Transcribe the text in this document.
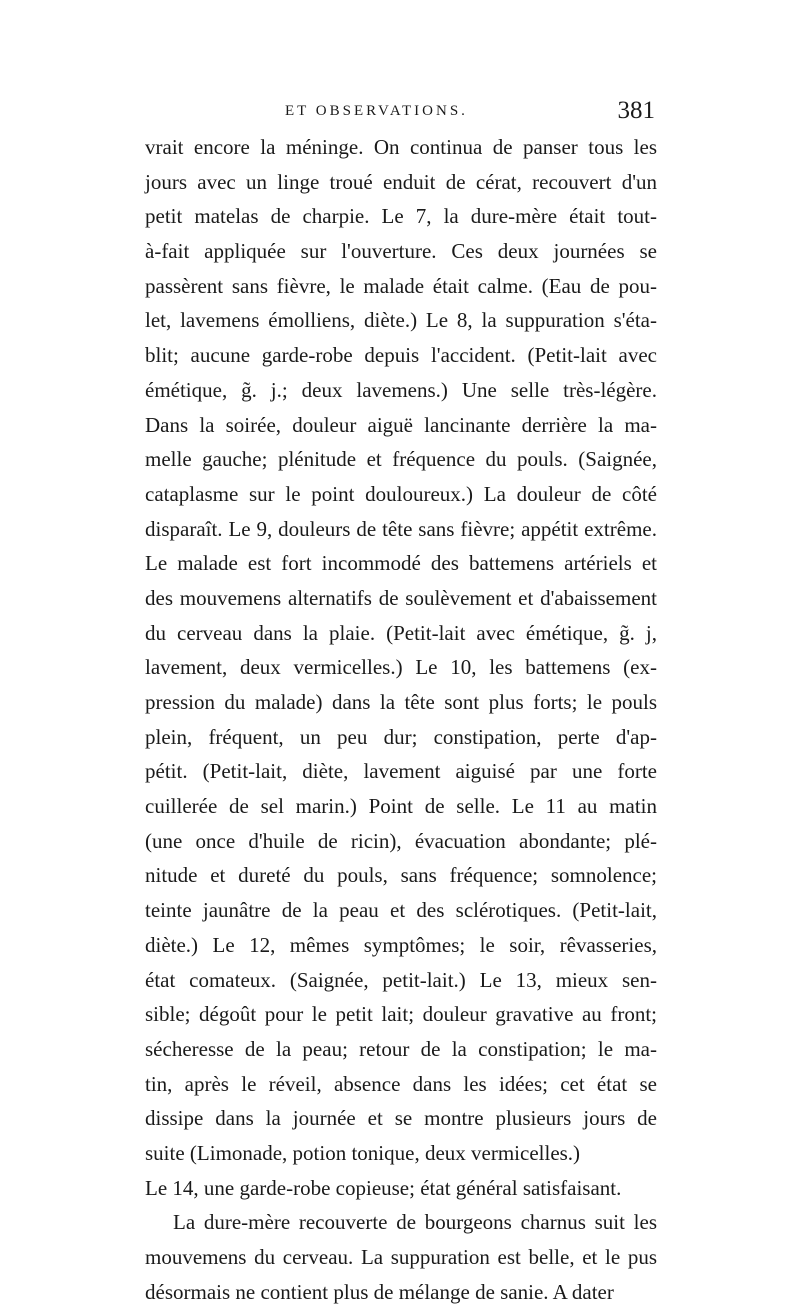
ET OBSERVATIONS.	381
vrait encore la méninge. On continua de panser tous les
jours avec un linge troué enduit de cérat, recouvert d'un
petit matelas de charpie. Le 7, la dure-mère était tout-
à-fait appliquée sur l'ouverture. Ces deux journées se
passèrent sans fièvre, le malade était calme. (Eau de pou-
let, lavemens émolliens, diète.) Le 8, la suppuration s'éta-
blit; aucune garde-robe depuis l'accident. (Petit-lait avec
émétique, g̃. j.; deux lavemens.) Une selle très-légère.
Dans la soirée, douleur aiguë lancinante derrière la ma-
melle gauche; plénitude et fréquence du pouls. (Saignée,
cataplasme sur le point douloureux.) La douleur de côté
disparaît. Le 9, douleurs de tête sans fièvre; appétit extrême.
Le malade est fort incommodé des battemens artériels et
des mouvemens alternatifs de soulèvement et d'abaissement
du cerveau dans la plaie. (Petit-lait avec émétique, g̃. j,
lavement, deux vermicelles.) Le 10, les battemens (ex-
pression du malade) dans la tête sont plus forts; le pouls
plein, fréquent, un peu dur; constipation, perte d'ap-
pétit. (Petit-lait, diète, lavement aiguisé par une forte
cuillerée de sel marin.) Point de selle. Le 11 au matin
(une once d'huile de ricin), évacuation abondante; plé-
nitude et dureté du pouls, sans fréquence; somnolence;
teinte jaunâtre de la peau et des sclérotiques. (Petit-lait,
diète.) Le 12, mêmes symptômes; le soir, rêvasseries,
état comateux. (Saignée, petit-lait.) Le 13, mieux sen-
sible; dégoût pour le petit lait; douleur gravative au front;
sécheresse de la peau; retour de la constipation; le ma-
tin, après le réveil, absence dans les idées; cet état se
dissipe dans la journée et se montre plusieurs jours de
suite (Limonade, potion tonique, deux vermicelles.)
Le 14, une garde-robe copieuse; état général satisfaisant.
La dure-mère recouverte de bourgeons charnus suit les
mouvemens du cerveau. La suppuration est belle, et le pus
désormais ne contient plus de mélange de sanie. A dater
